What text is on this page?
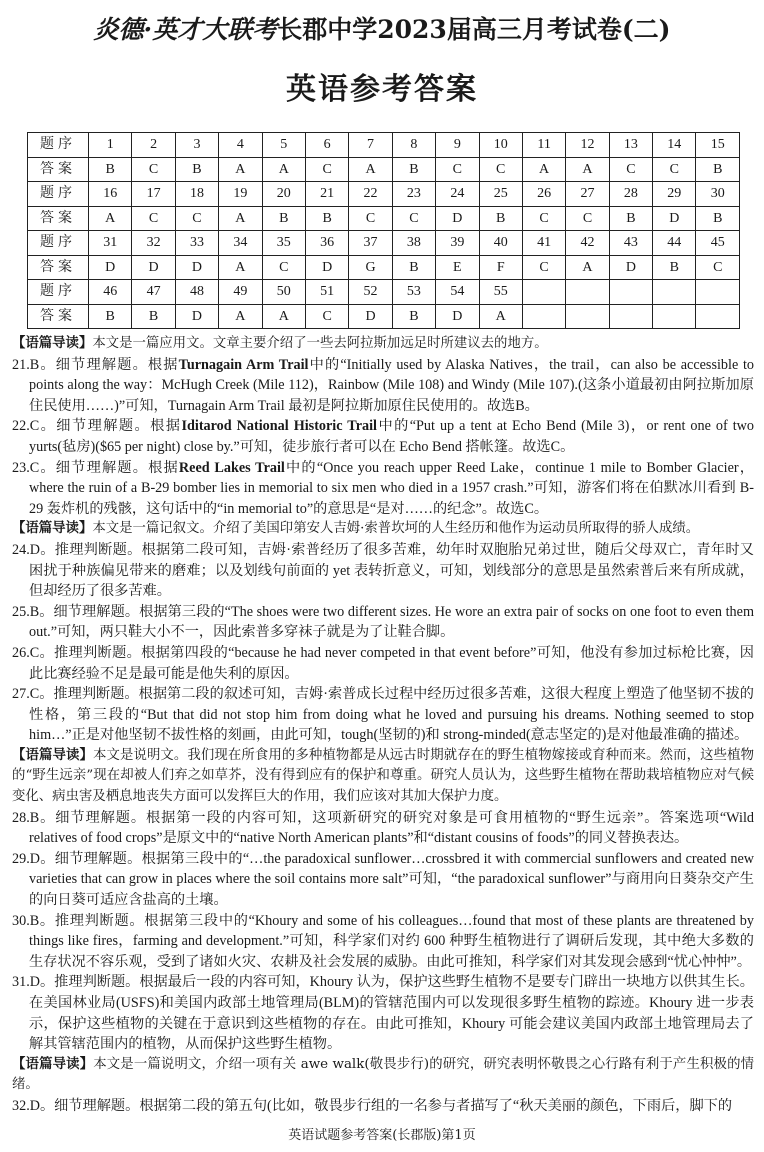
炎德·英才大联考长郡中学2023届高三月考试卷(二)
英语参考答案
题序	1	2	3	4	5	6	7	8	9	10	11	12	13	14	15
答案	B	C	B	A	A	C	A	B	C	C	A	A	C	C	B
题序	16	17	18	19	20	21	22	23	24	25	26	27	28	29	30
答案	A	C	C	A	B	B	C	C	D	B	C	C	B	D	B
题序	31	32	33	34	35	36	37	38	39	40	41	42	43	44	45
答案	D	D	D	A	C	D	G	B	E	F	C	A	D	B	C
题序	46	47	48	49	50	51	52	53	54	55					
答案	B	B	D	A	A	C	D	B	D	A					

【语篇导读】本文是一篇应用文。文章主要介绍了一些去阿拉斯加远足时所建议去的地方。

21.B。细节理解题。根据Turnagain Arm Trail中的“Initially used by Alaska Natives，the trail，can also be accessible to points along the way：McHugh Creek (Mile 112)，Rainbow (Mile 108) and Windy (Mile 107).(这条小道最初由阿拉斯加原住民使用……)”可知，Turnagain Arm Trail 最初是阿拉斯加原住民使用的。故选B。

22.C。细节理解题。根据Iditarod National Historic Trail中的“Put up a tent at Echo Bend (Mile 3)，or rent one of two yurts(毡房)($65 per night) close by.”可知，徒步旅行者可以在 Echo Bend 搭帐篷。故选C。

23.C。细节理解题。根据Reed Lakes Trail中的“Once you reach upper Reed Lake，continue 1 mile to Bomber Glacier，where the ruin of a B-29 bomber lies in memorial to six men who died in a 1957 crash.”可知，游客们将在伯默冰川看到 B-29 轰炸机的残骸，这句话中的“in memorial to”的意思是“是对……的纪念”。故选C。

【语篇导读】本文是一篇记叙文。介绍了美国印第安人吉姆·索普坎坷的人生经历和他作为运动员所取得的骄人成绩。

24.D。推理判断题。根据第二段可知，吉姆·索普经历了很多苦难，幼年时双胞胎兄弟过世，随后父母双亡，青年时又困扰于种族偏见带来的磨难；以及划线句前面的 yet 表转折意义，可知，划线部分的意思是虽然索普后来有所成就，但却经历了很多苦难。

25.B。细节理解题。根据第三段的“The shoes were two different sizes. He wore an extra pair of socks on one foot to even them out.”可知，两只鞋大小不一，因此索普多穿袜子就是为了让鞋合脚。

26.C。推理判断题。根据第四段的“because he had never competed in that event before”可知，他没有参加过标枪比赛，因此比赛经验不足是最可能是他失利的原因。

27.C。推理判断题。根据第二段的叙述可知，吉姆·索普成长过程中经历过很多苦难，这很大程度上塑造了他坚韧不拔的性格，第三段的“But that did not stop him from doing what he loved and pursuing his dreams. Nothing seemed to stop him…”正是对他坚韧不拔性格的刻画，由此可知，tough(坚韧的)和 strong-minded(意志坚定的)是对他最准确的描述。

【语篇导读】本文是说明文。我们现在所食用的多种植物都是从远古时期就存在的野生植物嫁接或育种而来。然而，这些植物的“野生远亲”现在却被人们弃之如草芥，没有得到应有的保护和尊重。研究人员认为，这些野生植物在帮助栽培植物应对气候变化、病虫害及栖息地丧失方面可以发挥巨大的作用，我们应该对其加大保护力度。

28.B。细节理解题。根据第一段的内容可知，这项新研究的研究对象是可食用植物的“野生远亲”。答案选项“Wild relatives of food crops”是原文中的“native North American plants”和“distant cousins of foods”的同义替换表达。

29.D。细节理解题。根据第三段中的“…the paradoxical sunflower…crossbred it with commercial sunflowers and created new varieties that can grow in places where the soil contains more salt”可知，“the paradoxical sunflower”与商用向日葵杂交产生的向日葵可适应含盐高的土壤。

30.B。推理判断题。根据第三段中的“Khoury and some of his colleagues…found that most of these plants are threatened by things like fires，farming and development.”可知，科学家们对约 600 种野生植物进行了调研后发现，其中绝大多数的生存状况不容乐观，受到了诸如火灾、农耕及社会发展的威胁。由此可推知，科学家们对其发现会感到“忧心忡忡”。

31.D。推理判断题。根据最后一段的内容可知，Khoury 认为，保护这些野生植物不是要专门辟出一块地方以供其生长。在美国林业局(USFS)和美国内政部土地管理局(BLM)的管辖范围内可以发现很多野生植物的踪迹。Khoury 进一步表示，保护这些植物的关键在于意识到这些植物的存在。由此可推知，Khoury 可能会建议美国内政部土地管理局去了解其管辖范围内的植物，从而保护这些野生植物。

【语篇导读】本文是一篇说明文，介绍一项有关 awe walk(敬畏步行)的研究，研究表明怀敬畏之心行路有利于产生积极的情绪。

32.D。细节理解题。根据第二段的第五句(比如，敬畏步行组的一名参与者描写了“秋天美丽的颜色，下雨后，脚下的

英语试题参考答案(长郡版)第1页
